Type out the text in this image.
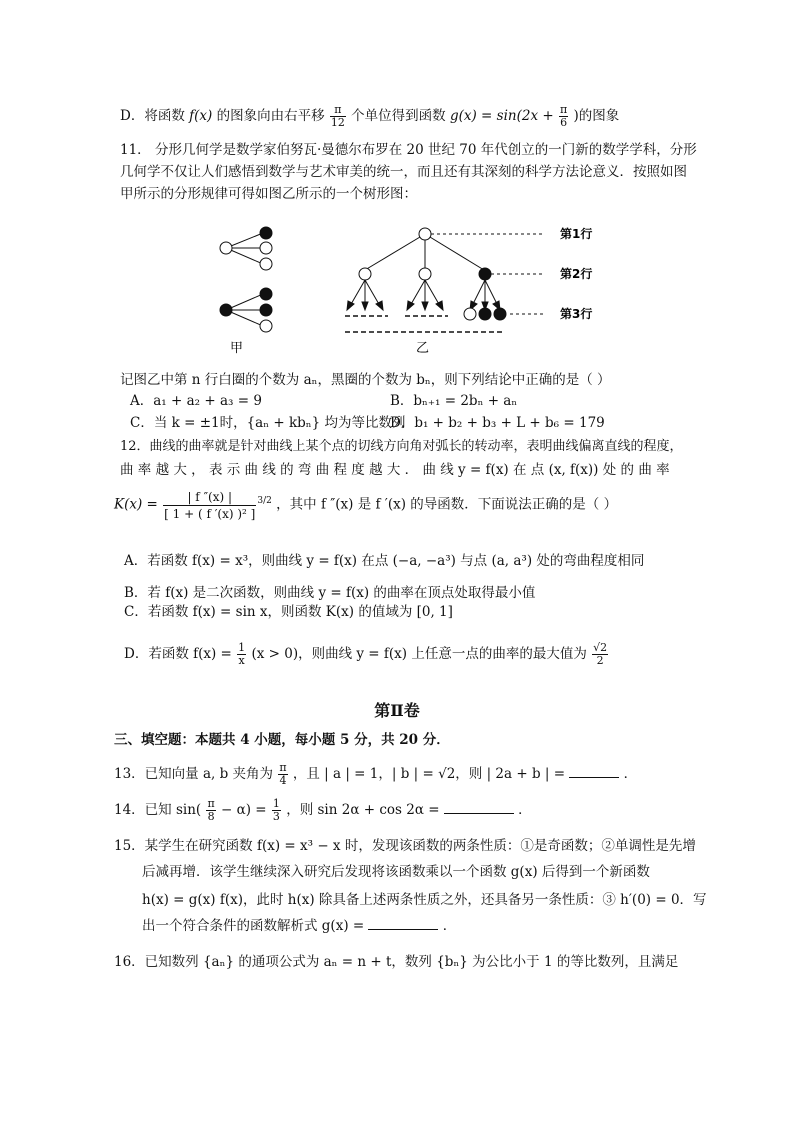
D．将函数 f(x) 的图象向由右平移 $\frac{\pi}{12}$ 个单位得到函数 $g(x) = \sin(2x + \frac{\pi}{6}$ )的图象
11． 分形几何学是数学家伯努瓦·曼德尔布罗在 20 世纪 70 年代创立的一门新的数学学科，分形
几何学不仅让人们感悟到数学与艺术审美的统一，而且还有其深刻的科学方法论意义．按照如图
甲所示的分形规律可得如图乙所示的一个树形图：
甲	乙
第1行
第2行
第3行
记图乙中第 n 行白圈的个数为 aₙ，黑圈的个数为 bₙ，则下列结论中正确的是（ ）
A．a₁ + a₂ + a₃ = 9	B．bₙ₊₁ = 2bₙ + aₙ
C．当 k = ±1时，{aₙ + kbₙ} 均为等比数列
D．b₁ + b₂ + b₃ + L + b₆ = 179
12．曲线的曲率就是针对曲线上某个点的切线方向角对弧长的转动率，表明曲线偏离直线的程度，
曲 率 越 大 ， 表 示 曲 线 的 弯 曲 程 度 越 大 ． 曲 线 y = f(x) 在 点 (x, f(x)) 处 的 曲 率
$K(x) = \frac{| f ''(x) |}{\text{[ 1 + ( f ′(x) )² ]}} ^{3/2}$ ，其中 f ″(x) 是 f ′(x) 的导函数．下面说法正确的是（ ）
A．若函数 f(x) = x³，则曲线 y = f(x) 在点 (−a, −a³) 与点 (a, a³) 处的弯曲程度相同
B．若 f(x) 是二次函数，则曲线 y = f(x) 的曲率在顶点处取得最小值
C．若函数 f(x) = sin x，则函数 K(x) 的值域为 [0, 1]
D．若函数 $f(x) = \frac{1}{x} (x > 0)$，则曲线 y = f(x) 上任意一点的曲率的最大值为 $\frac{√2}{2}$
第Ⅱ卷
三、填空题：本题共 4 小题，每小题 5 分，共 20 分．
13．已知向量 a, b 夹角为 $\frac{\pi}{4}$ ，且 | a | = 1，| b | = √2，则 | 2a + b | =	．
14．已知 $\sin( \frac{\pi}{8} - \alpha) = \frac{1}{3}$ ，则 sin 2α + cos 2α =	．
15．某学生在研究函数 f(x) = x³ − x 时，发现该函数的两条性质：①是奇函数；②单调性是先增
后减再增．该学生继续深入研究后发现将该函数乘以一个函数 g(x) 后得到一个新函数
h(x) = g(x) f(x)，此时 h(x) 除具备上述两条性质之外，还具备另一条性质：③ h′(0) = 0．写
出一个符合条件的函数解析式 g(x) =	．
16．已知数列 {aₙ} 的通项公式为 aₙ = n + t，数列 {bₙ} 为公比小于 1 的等比数列，且满足
